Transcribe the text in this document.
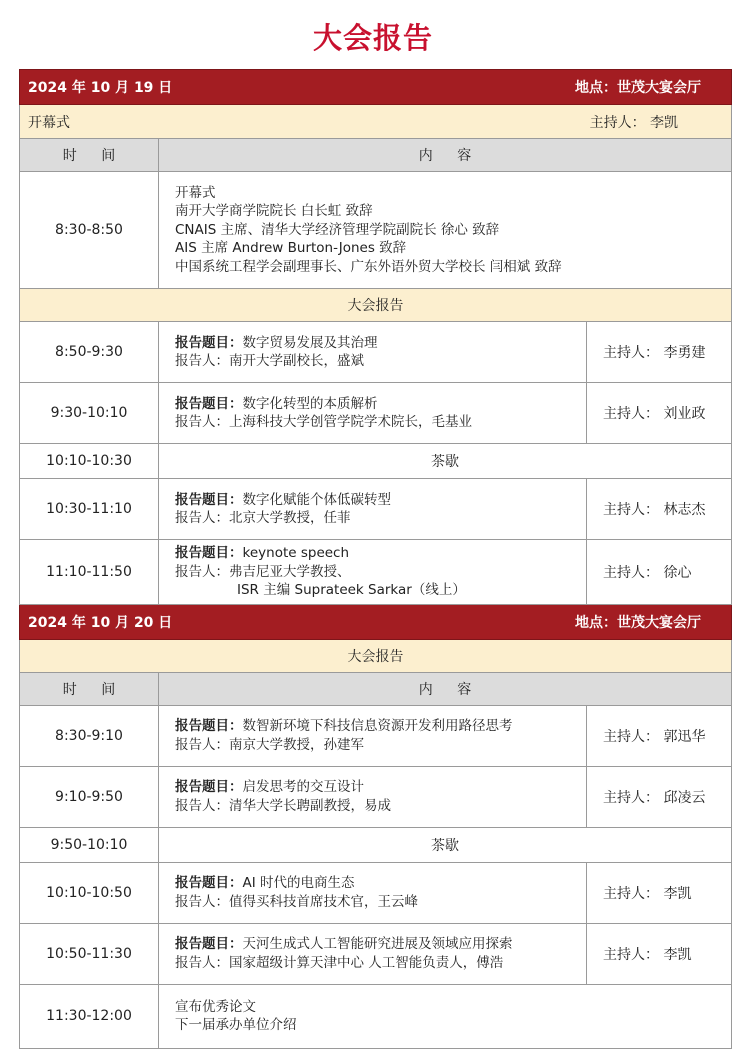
大会报告
2024 年 10 月 19 日 地点：世茂大宴会厅		

开幕式 主持人： 李凯		

时 间	内 容	
8:30-8:50	开幕式
南开大学商学院院长 白长虹 致辞
CNAIS 主席、清华大学经济管理学院副院长 徐心 致辞
AIS 主席 Andrew Burton-Jones 致辞
中国系统工程学会副理事长、广东外语外贸大学校长 闫相斌 致辞	

大会报告		
8:50-9:30	报告题目：数字贸易发展及其治理
报告人：南开大学副校长，盛斌	主持人： 李勇建
9:30-10:10	报告题目：数字化转型的本质解析
报告人：上海科技大学创管学院学术院长，毛基业	主持人： 刘业政
10:10-10:30	茶歇	
10:30-11:10	报告题目：数字化赋能个体低碳转型
报告人：北京大学教授，任菲	主持人： 林志杰
11:10-11:50	报告题目：keynote speech
报告人：弗吉尼亚大学教授、
ISR 主编 Suprateek Sarkar（线上）	主持人： 徐心

2024 年 10 月 20 日 地点：世茂大宴会厅		

大会报告		
时 间	内 容	
8:30-9:10	报告题目：数智新环境下科技信息资源开发利用路径思考
报告人：南京大学教授，孙建军	主持人： 郭迅华
9:10-9:50	报告题目：启发思考的交互设计
报告人：清华大学长聘副教授，易成	主持人： 邱凌云
9:50-10:10	茶歇	
10:10-10:50	报告题目：AI 时代的电商生态
报告人：值得买科技首席技术官，王云峰	主持人： 李凯
10:50-11:30	报告题目：天河生成式人工智能研究进展及领域应用探索
报告人：国家超级计算天津中心 人工智能负责人，傅浩	主持人： 李凯
11:30-12:00	宣布优秀论文
下一届承办单位介绍	
